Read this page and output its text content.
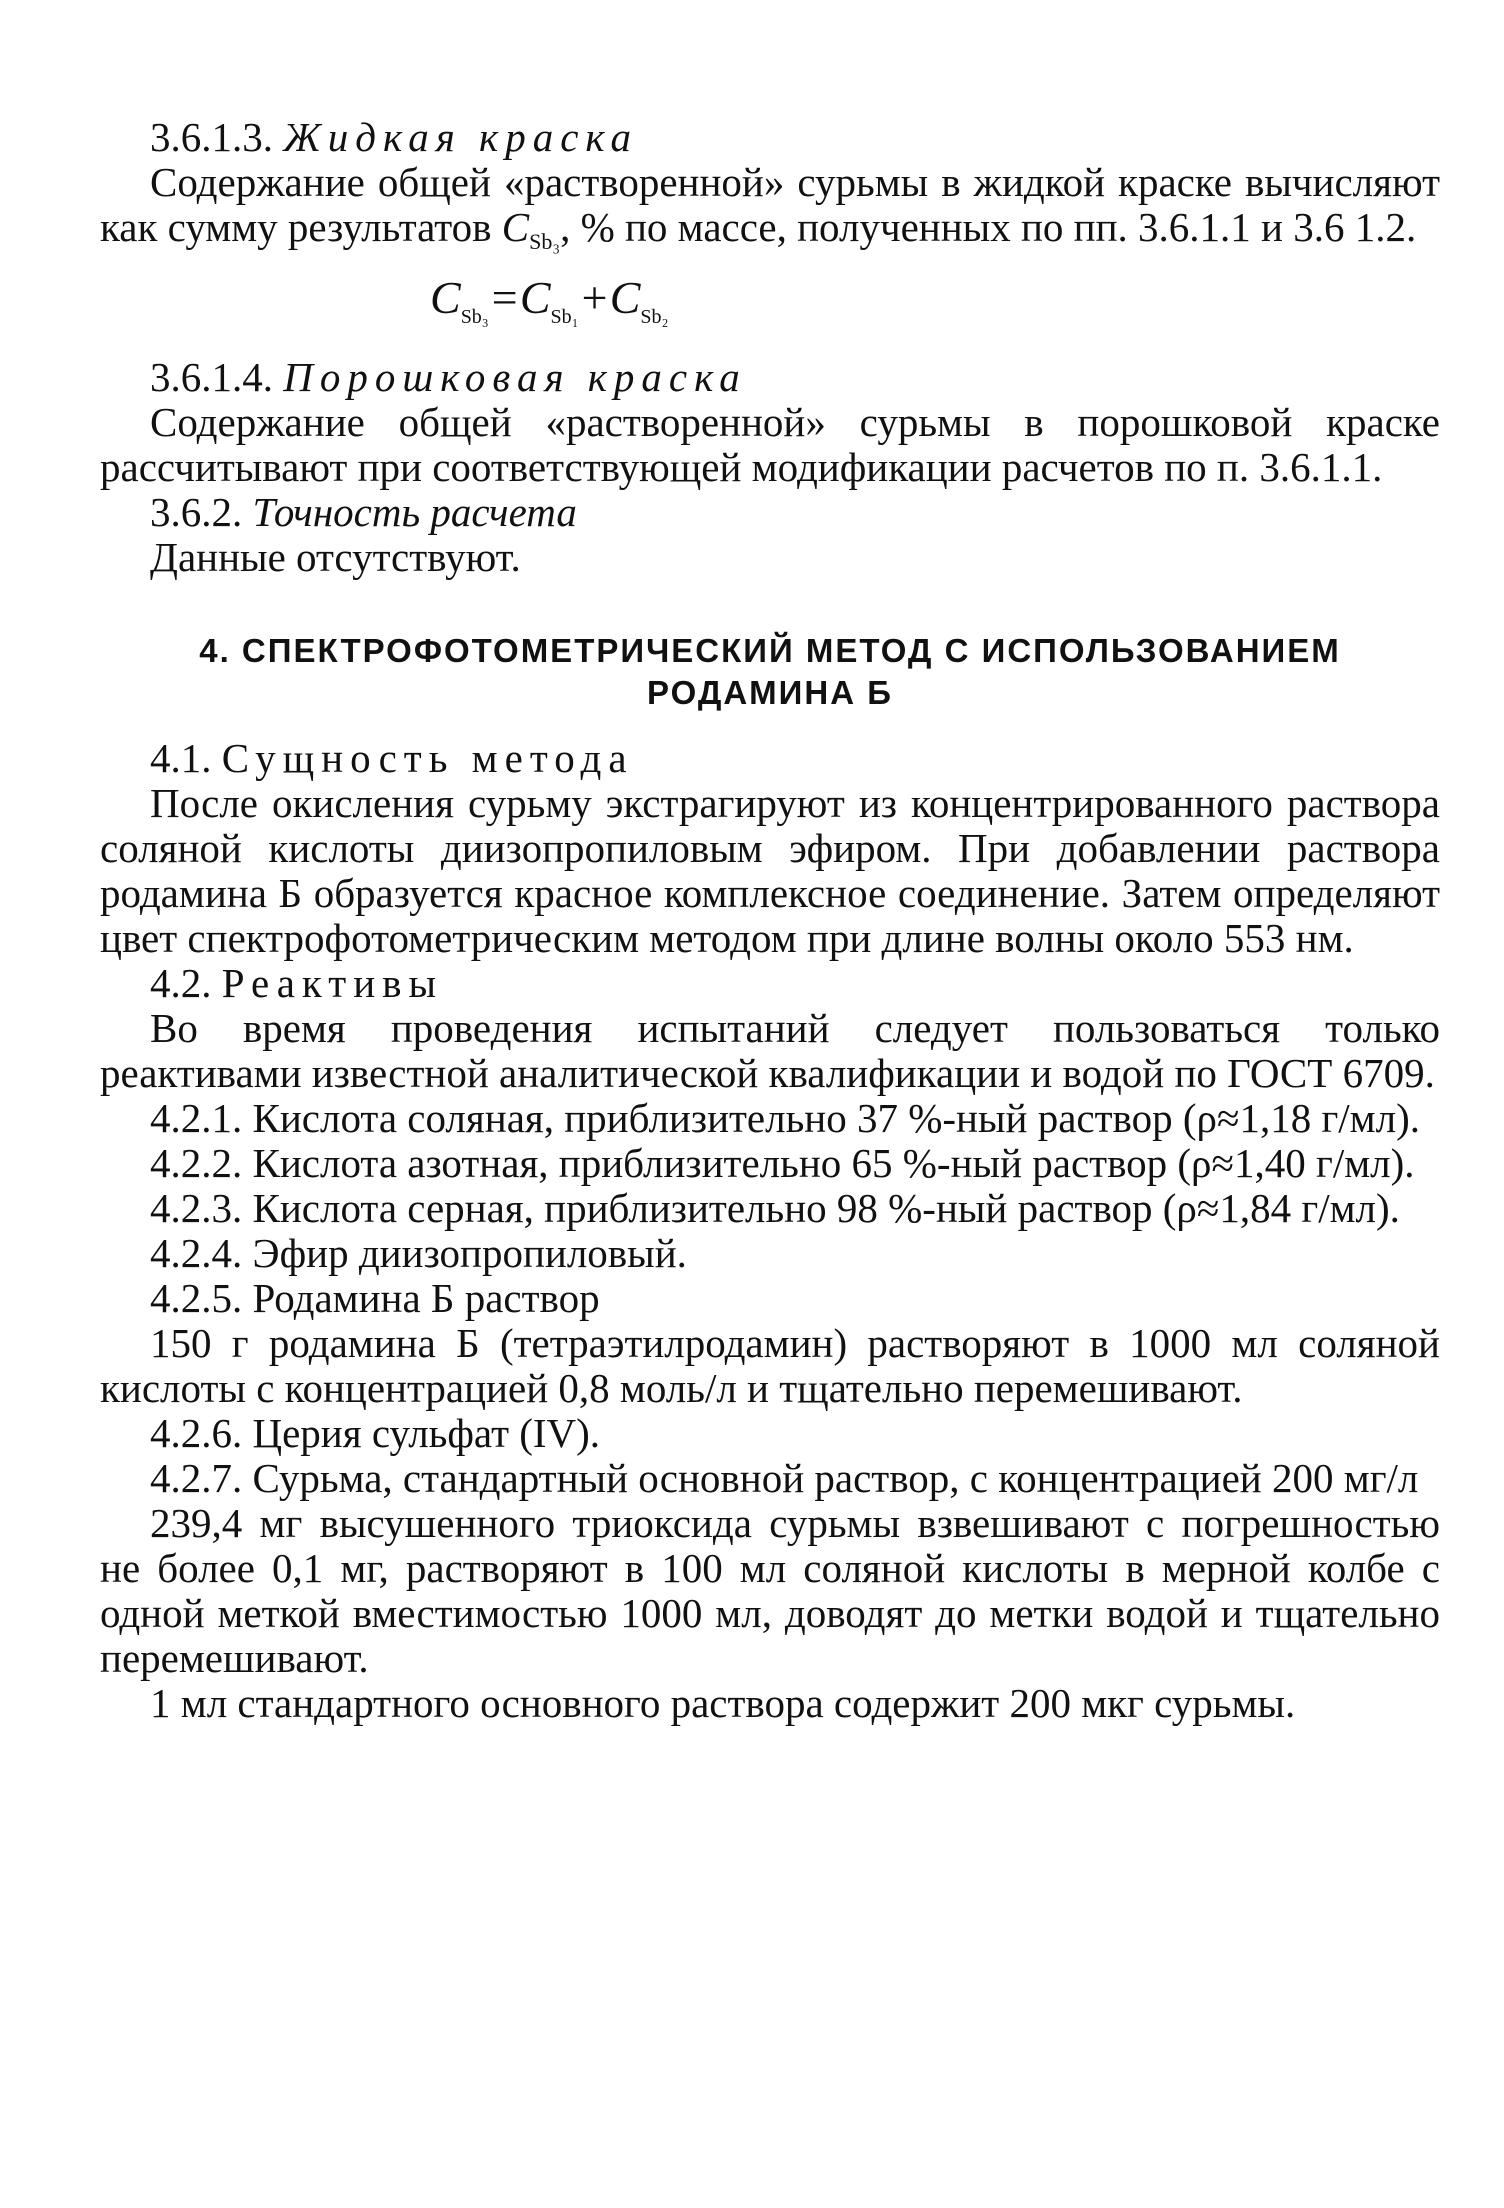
3.6.1.3. Жидкая краска

Содержание общей «растворенной» сурьмы в жидкой краске вычисляют как сумму результатов $C_{Sb_3}$, % по массе, полученных по пп. 3.6.1.1 и 3.6 1.2.

$C_{Sb_3}=C_{Sb_1}+C_{Sb_2}$

3.6.1.4. Порошковая краска

Содержание общей «растворенной» сурьмы в порошковой краске рассчитывают при соответствующей модификации расчетов по п. 3.6.1.1.

3.6.2. Точность расчета

Данные отсутствуют.

4. СПЕКТРОФОТОМЕТРИЧЕСКИЙ МЕТОД С ИСПОЛЬЗОВАНИЕМ
РОДАМИНА Б

4.1. Сущность метода

После окисления сурьму экстрагируют из концентрированного раствора соляной кислоты диизопропиловым эфиром. При добавлении раствора родамина Б образуется красное комплексное соединение. Затем определяют цвет спектрофотометрическим методом при длине волны около 553 нм.

4.2. Реактивы

Во время проведения испытаний следует пользоваться только реактивами известной аналитической квалификации и водой по ГОСТ 6709.

4.2.1. Кислота соляная, приблизительно 37 %-ный раствор (ρ≈1,18 г/мл).

4.2.2. Кислота азотная, приблизительно 65 %-ный раствор (ρ≈1,40 г/мл).

4.2.3. Кислота серная, приблизительно 98 %-ный раствор (ρ≈1,84 г/мл).

4.2.4. Эфир диизопропиловый.

4.2.5. Родамина Б раствор

150 г родамина Б (тетраэтилродамин) растворяют в 1000 мл соляной кислоты с концентрацией 0,8 моль/л и тщательно перемешивают.

4.2.6. Церия сульфат (IV).

4.2.7. Сурьма, стандартный основной раствор, с концентрацией 200 мг/л

239,4 мг высушенного триоксида сурьмы взвешивают с погрешностью не более 0,1 мг, растворяют в 100 мл соляной кислоты в мерной колбе с одной меткой вместимостью 1000 мл, доводят до метки водой и тщательно перемешивают.

1 мл стандартного основного раствора содержит 200 мкг сурьмы.
